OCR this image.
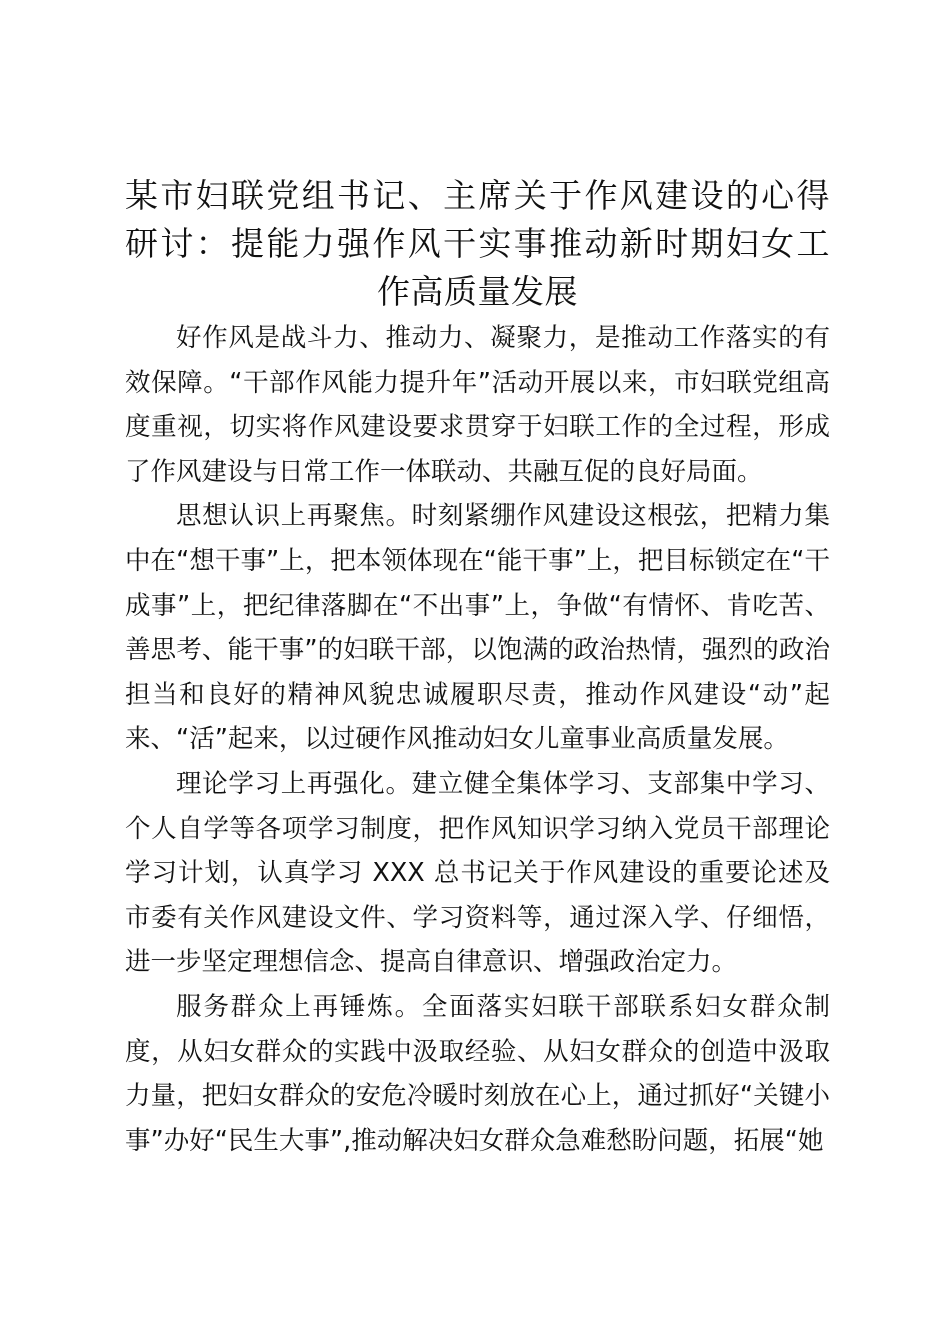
某市妇联党组书记、主席关于作风建设的心得
研讨：提能力强作风干实事推动新时期妇女工
作高质量发展

好作风是战斗力、推动力、凝聚力，是推动工作落实的有效保障。“干部作风能力提升年”活动开展以来，市妇联党组高度重视，切实将作风建设要求贯穿于妇联工作的全过程，形成了作风建设与日常工作一体联动、共融互促的良好局面。

思想认识上再聚焦。时刻紧绷作风建设这根弦，把精力集中在“想干事”上，把本领体现在“能干事”上，把目标锁定在“干成事”上，把纪律落脚在“不出事”上，争做“有情怀、肯吃苦、善思考、能干事”的妇联干部，以饱满的政治热情，强烈的政治担当和良好的精神风貌忠诚履职尽责，推动作风建设“动”起来、“活”起来，以过硬作风推动妇女儿童事业高质量发展。

理论学习上再强化。建立健全集体学习、支部集中学习、个人自学等各项学习制度，把作风知识学习纳入党员干部理论学习计划，认真学习 XXX 总书记关于作风建设的重要论述及市委有关作风建设文件、学习资料等，通过深入学、仔细悟，进一步坚定理想信念、提高自律意识、增强政治定力。

服务群众上再锤炼。全面落实妇联干部联系妇女群众制度，从妇女群众的实践中汲取经验、从妇女群众的创造中汲取力量，把妇女群众的安危冷暖时刻放在心上，通过抓好“关键小事”办好“民生大事”,推动解决妇女群众急难愁盼问题，拓展“她
